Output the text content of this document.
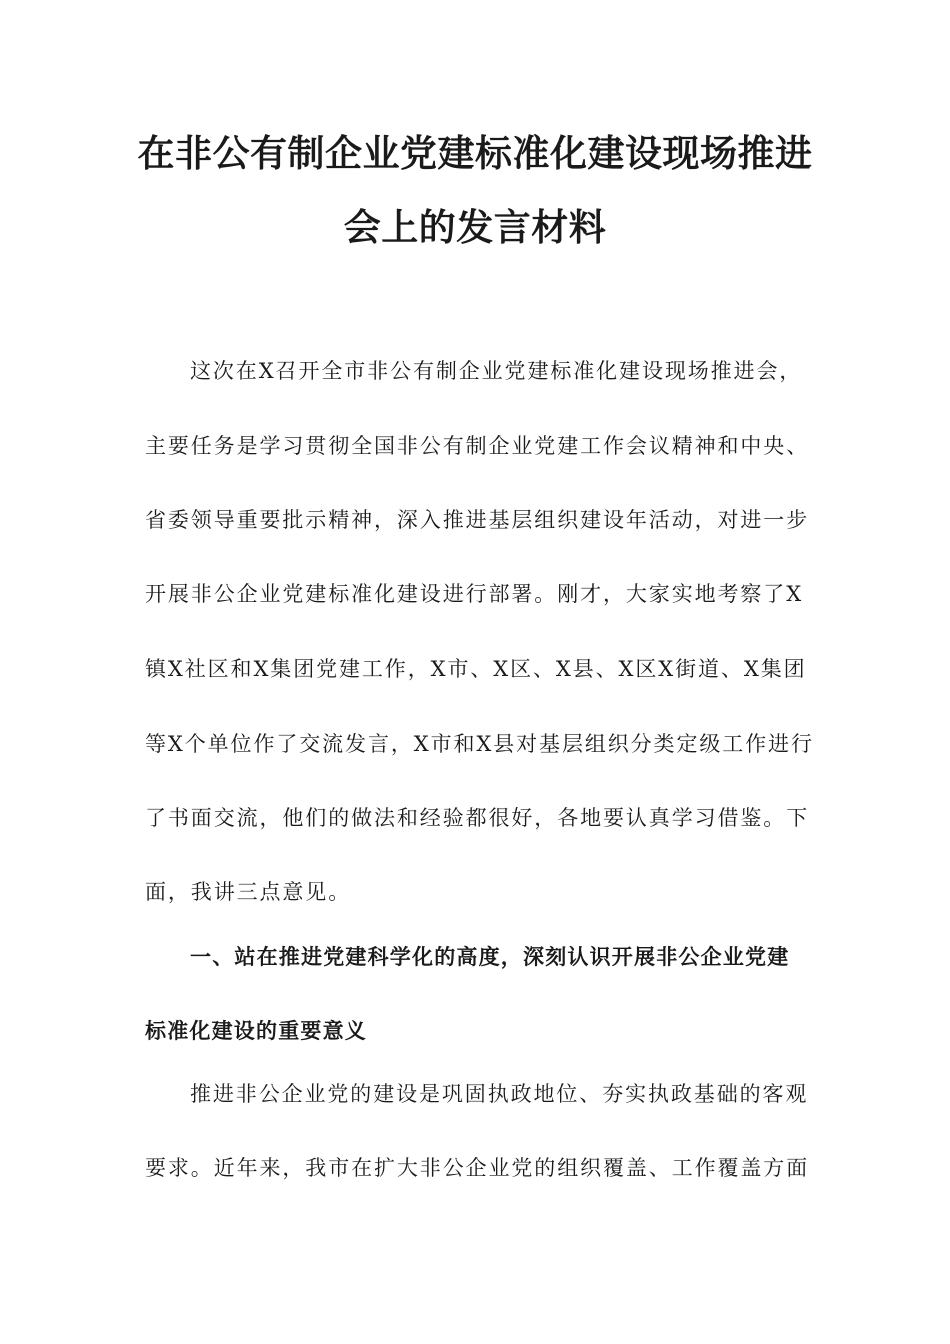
在非公有制企业党建标准化建设现场推进
会上的发言材料
这次在X召开全市非公有制企业党建标准化建设现场推进会，
主要任务是学习贯彻全国非公有制企业党建工作会议精神和中央、
省委领导重要批示精神，深入推进基层组织建设年活动，对进一步
开展非公企业党建标准化建设进行部署。刚才，大家实地考察了X
镇X社区和X集团党建工作，X市、X区、X县、X区X街道、X集团
等X个单位作了交流发言，X市和X县对基层组织分类定级工作进行
了书面交流，他们的做法和经验都很好，各地要认真学习借鉴。下
面，我讲三点意见。
一、站在推进党建科学化的高度，深刻认识开展非公企业党建
标准化建设的重要意义
推进非公企业党的建设是巩固执政地位、夯实执政基础的客观
要求。近年来，我市在扩大非公企业党的组织覆盖、工作覆盖方面
